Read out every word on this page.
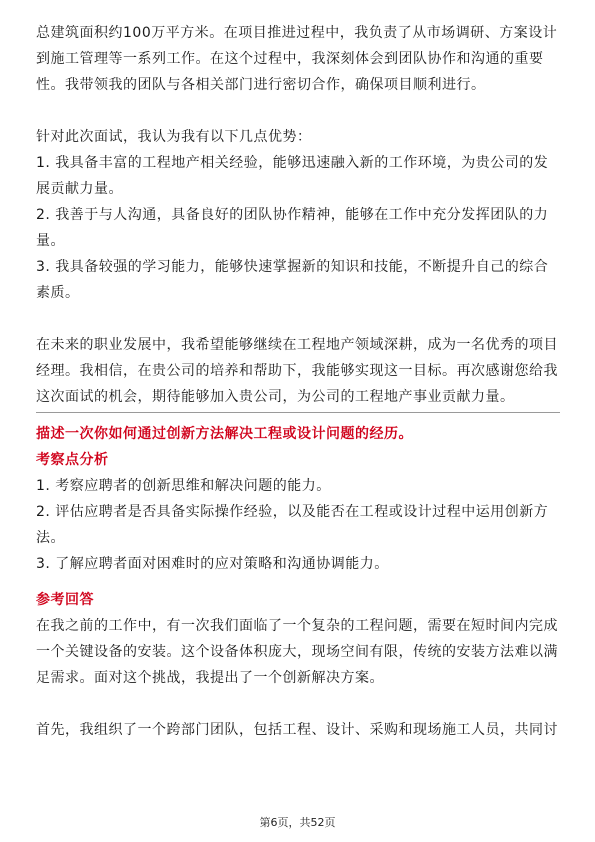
总建筑面积约100万平方米。在项目推进过程中，我负责了从市场调研、方案设计到施工管理等一系列工作。在这个过程中，我深刻体会到团队协作和沟通的重要性。我带领我的团队与各相关部门进行密切合作，确保项目顺利进行。

针对此次面试，我认为我有以下几点优势：

1. 我具备丰富的工程地产相关经验，能够迅速融入新的工作环境，为贵公司的发展贡献力量。

2. 我善于与人沟通，具备良好的团队协作精神，能够在工作中充分发挥团队的力量。

3. 我具备较强的学习能力，能够快速掌握新的知识和技能，不断提升自己的综合素质。

在未来的职业发展中，我希望能够继续在工程地产领域深耕，成为一名优秀的项目经理。我相信，在贵公司的培养和帮助下，我能够实现这一目标。再次感谢您给我这次面试的机会，期待能够加入贵公司，为公司的工程地产事业贡献力量。

描述一次你如何通过创新方法解决工程或设计问题的经历。

考察点分析

1. 考察应聘者的创新思维和解决问题的能力。

2. 评估应聘者是否具备实际操作经验，以及能否在工程或设计过程中运用创新方法。

3. 了解应聘者面对困难时的应对策略和沟通协调能力。

参考回答

在我之前的工作中，有一次我们面临了一个复杂的工程问题，需要在短时间内完成一个关键设备的安装。这个设备体积庞大，现场空间有限，传统的安装方法难以满足需求。面对这个挑战，我提出了一个创新解决方案。

首先，我组织了一个跨部门团队，包括工程、设计、采购和现场施工人员，共同讨

第6页，共52页
